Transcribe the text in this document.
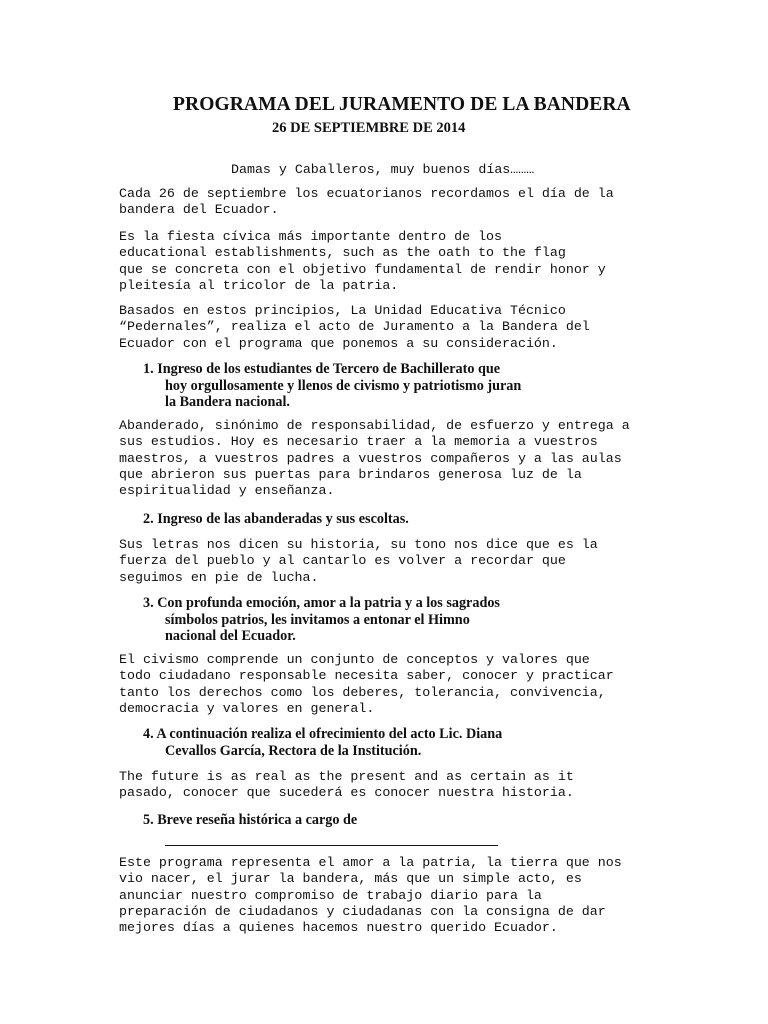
PROGRAMA DEL JURAMENTO DE LA BANDERA
26 DE SEPTIEMBRE DE 2014
Damas y Caballeros, muy buenos días………

Cada 26 de septiembre los ecuatorianos recordamos el día de la
bandera del Ecuador.

Es la fiesta cívica más importante dentro de los
educational establishments, such as the oath to the flag
que se concreta con el objetivo fundamental de rendir honor y
pleitesía al tricolor de la patria.

Basados en estos principios, La Unidad Educativa Técnico
“Pedernales”, realiza el acto de Juramento a la Bandera del
Ecuador con el programa que ponemos a su consideración.

1. Ingreso de los estudiantes de Tercero de Bachillerato que
hoy orgullosamente y llenos de civismo y patriotismo juran
la Bandera nacional.

Abanderado, sinónimo de responsabilidad, de esfuerzo y entrega a
sus estudios. Hoy es necesario traer a la memoria a vuestros
maestros, a vuestros padres a vuestros compañeros y a las aulas
que abrieron sus puertas para brindaros generosa luz de la
espiritualidad y enseñanza.

2. Ingreso de las abanderadas y sus escoltas.

Sus letras nos dicen su historia, su tono nos dice que es la
fuerza del pueblo y al cantarlo es volver a recordar que
seguimos en pie de lucha.

3. Con profunda emoción, amor a la patria y a los sagrados
símbolos patrios, les invitamos a entonar el Himno
nacional del Ecuador.

El civismo comprende un conjunto de conceptos y valores que
todo ciudadano responsable necesita saber, conocer y practicar
tanto los derechos como los deberes, tolerancia, convivencia,
democracia y valores en general.

4. A continuación realiza el ofrecimiento del acto Lic. Diana
Cevallos García, Rectora de la Institución.

The future is as real as the present and as certain as it
pasado, conocer que sucederá es conocer nuestra historia.

5. Breve reseña histórica a cargo de

Este programa representa el amor a la patria, la tierra que nos
vio nacer, el jurar la bandera, más que un simple acto, es
anunciar nuestro compromiso de trabajo diario para la
preparación de ciudadanos y ciudadanas con la consigna de dar
mejores días a quienes hacemos nuestro querido Ecuador.
